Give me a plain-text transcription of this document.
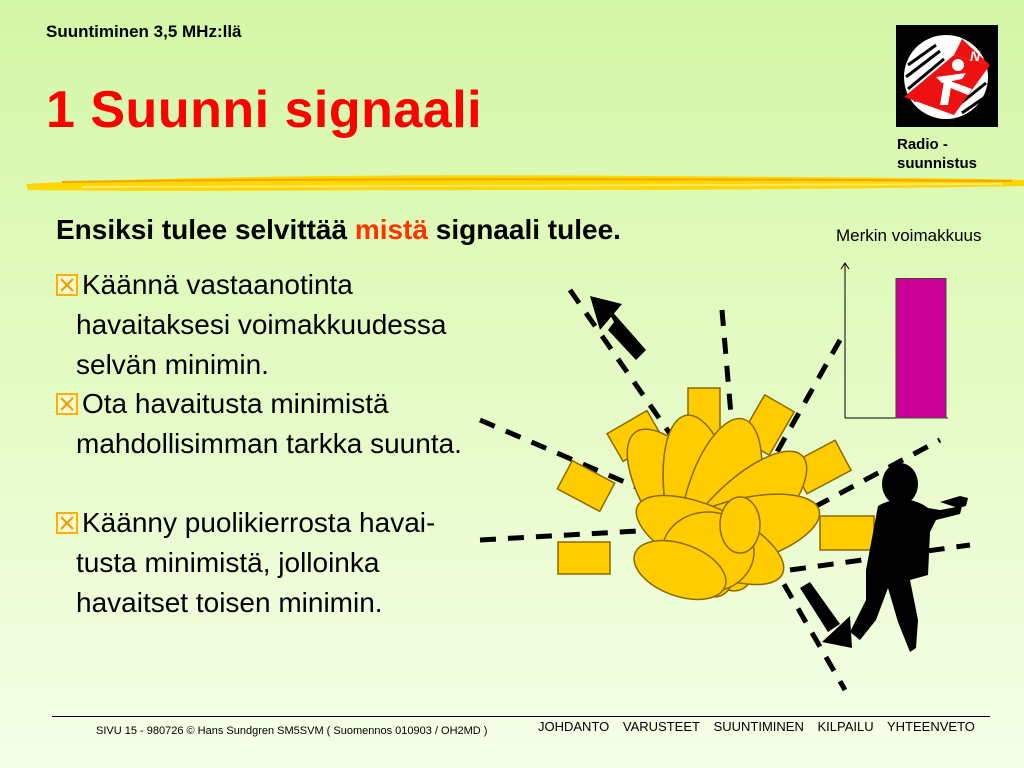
Suuntiminen 3,5 MHz:llä
1 Suunni signaali
N
Radio -
suunnistus
Ensiksi tulee selvittää mistä signaali tulee.	Merkin voimakkuus
Käännä vastaanotinta
havaitaksesi voimakkuudessa
selvän minimin.
Ota havaitusta minimistä
mahdollisimman tarkka suunta.
Käänny puolikierrosta havai-
tusta minimistä, jolloinka
havaitset toisen minimin.
SIVU 15 - 980726 © Hans Sundgren SM5SVM ( Suomennos 010903 / OH2MD )	JOHDANTO VARUSTEET SUUNTIMINEN KILPAILU YHTEENVETO
